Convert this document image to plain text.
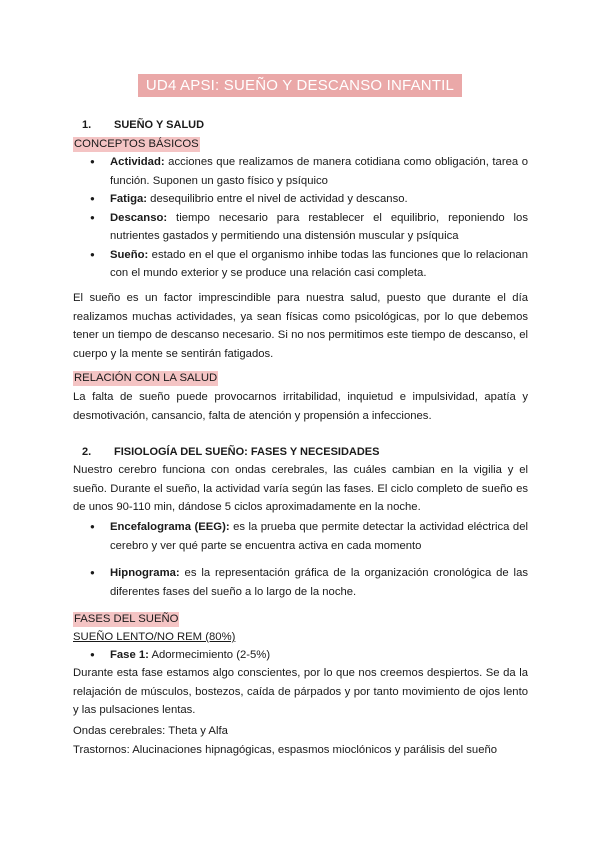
UD4 APSI: SUEÑO Y DESCANSO INFANTIL
1. SUEÑO Y SALUD
CONCEPTOS BÁSICOS
● Actividad: acciones que realizamos de manera cotidiana como obligación, tarea o función. Suponen un gasto físico y psíquico
● Fatiga: desequilibrio entre el nivel de actividad y descanso.
● Descanso: tiempo necesario para restablecer el equilibrio, reponiendo los nutrientes gastados y permitiendo una distensión muscular y psíquica
● Sueño: estado en el que el organismo inhibe todas las funciones que lo relacionan con el mundo exterior y se produce una relación casi completa.

El sueño es un factor imprescindible para nuestra salud, puesto que durante el día realizamos muchas actividades, ya sean físicas como psicológicas, por lo que debemos tener un tiempo de descanso necesario. Si no nos permitimos este tiempo de descanso, el cuerpo y la mente se sentirán fatigados.

RELACIÓN CON LA SALUD

La falta de sueño puede provocarnos irritabilidad, inquietud e impulsividad, apatía y desmotivación, cansancio, falta de atención y propensión a infecciones.

2. FISIOLOGÍA DEL SUEÑO: FASES Y NECESIDADES

Nuestro cerebro funciona con ondas cerebrales, las cuáles cambian en la vigilia y el sueño. Durante el sueño, la actividad varía según las fases. El ciclo completo de sueño es de unos 90-110 min, dándose 5 ciclos aproximadamente en la noche.

● Encefalograma (EEG): es la prueba que permite detectar la actividad eléctrica del cerebro y ver qué parte se encuentra activa en cada momento
● Hipnograma: es la representación gráfica de la organización cronológica de las diferentes fases del sueño a lo largo de la noche.
FASES DEL SUEÑO
SUEÑO LENTO/NO REM (80%)
● Fase 1: Adormecimiento (2-5%)

Durante esta fase estamos algo conscientes, por lo que nos creemos despiertos. Se da la relajación de músculos, bostezos, caída de párpados y por tanto movimiento de ojos lento y las pulsaciones lentas.

Ondas cerebrales: Theta y Alfa

Trastornos: Alucinaciones hipnagógicas, espasmos mioclónicos y parálisis del sueño
